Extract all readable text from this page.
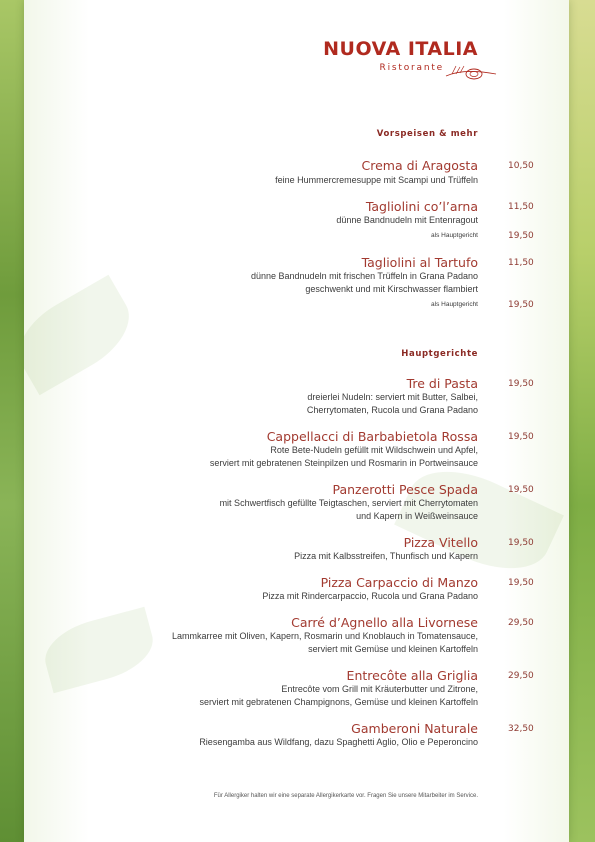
NUOVA ITALIA
Ristorante
Vorspeisen & mehr
Crema di Aragosta
feine Hummercremesuppe mit Scampi und Trüffeln
10,50
Tagliolini co’l’arna
dünne Bandnudeln mit Entenragout
als Hauptgericht
11,50
19,50
Tagliolini al Tartufo
dünne Bandnudeln mit frischen Trüffeln in Grana Padano
geschwenkt und mit Kirschwasser flambiert
als Hauptgericht
11,50
19,50
Hauptgerichte
Tre di Pasta
dreierlei Nudeln: serviert mit Butter, Salbei,
Cherrytomaten, Rucola und Grana Padano
19,50
Cappellacci di Barbabietola Rossa
Rote Bete-Nudeln gefüllt mit Wildschwein und Apfel,
serviert mit gebratenen Steinpilzen und Rosmarin in Portweinsauce
19,50
Panzerotti Pesce Spada
mit Schwertfisch gefüllte Teigtaschen, serviert mit Cherrytomaten
und Kapern in Weißweinsauce
19,50
Pizza Vitello
Pizza mit Kalbsstreifen, Thunfisch und Kapern
19,50
Pizza Carpaccio di Manzo
Pizza mit Rindercarpaccio, Rucola und Grana Padano
19,50
Carré d’Agnello alla Livornese
Lammkarree mit Oliven, Kapern, Rosmarin und Knoblauch in Tomatensauce,
serviert mit Gemüse und kleinen Kartoffeln
29,50
Entrecôte alla Griglia
Entrecôte vom Grill mit Kräuterbutter und Zitrone,
serviert mit gebratenen Champignons, Gemüse und kleinen Kartoffeln
29,50
Gamberoni Naturale
Riesengamba aus Wildfang, dazu Spaghetti Aglio, Olio e Peperoncino
32,50
Für Allergiker halten wir eine separate Allergikerkarte vor. Fragen Sie unsere Mitarbeiter im Service.
